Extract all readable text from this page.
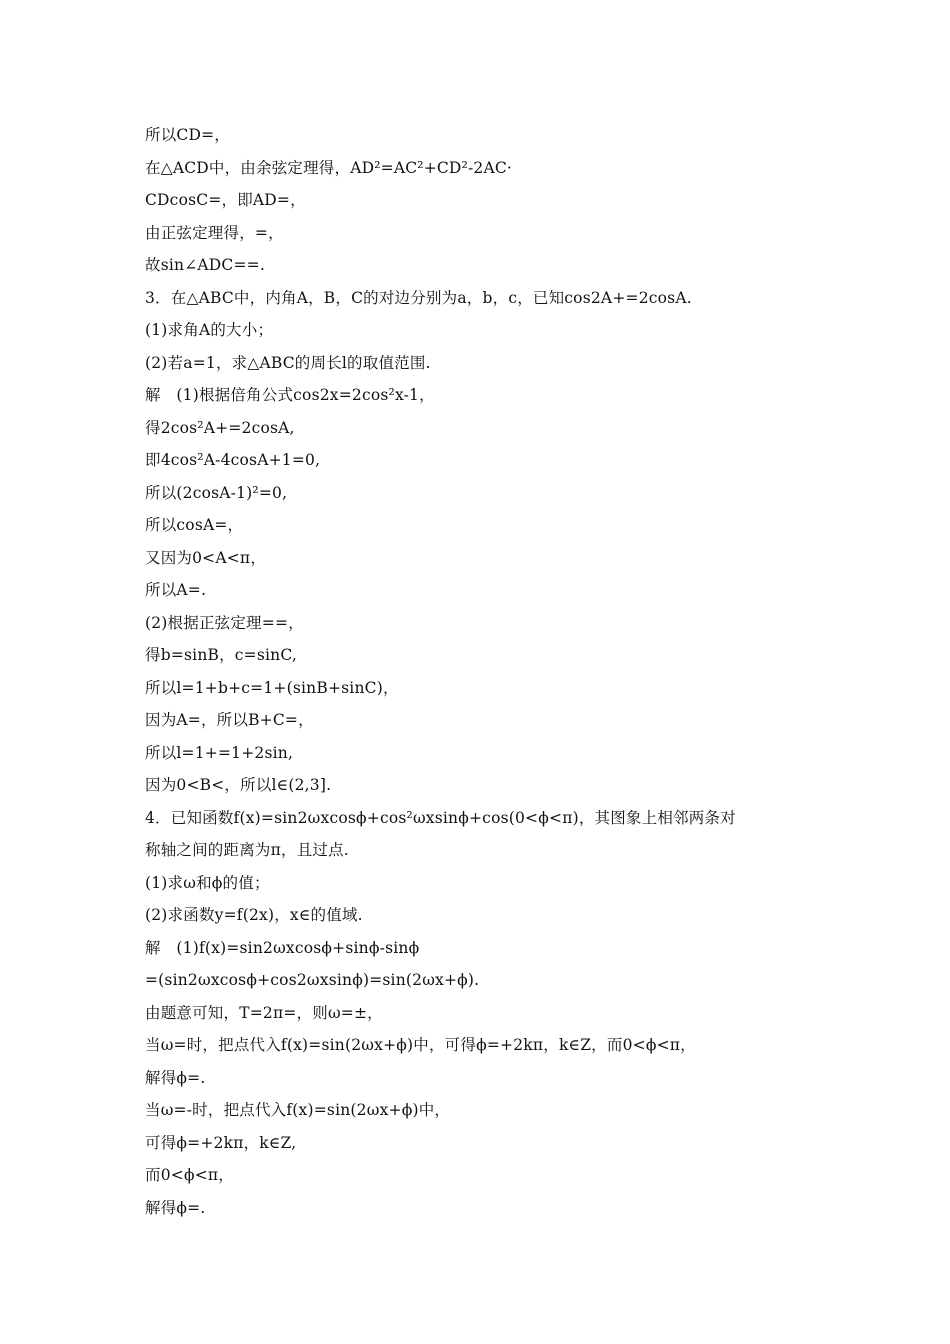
所以CD=，
在△ACD中，由余弦定理得，AD²=AC²+CD²-2AC·
CDcosC=，即AD=，
由正弦定理得，=，
故sin∠ADC==.
3．在△ABC中，内角A，B，C的对边分别为a，b，c，已知cos2A+=2cosA.
(1)求角A的大小；
(2)若a=1，求△ABC的周长l的取值范围.
解　(1)根据倍角公式cos2x=2cos²x-1，
得2cos²A+=2cosA,
即4cos²A-4cosA+1=0,
所以(2cosA-1)²=0,
所以cosA=，
又因为0<A<π，
所以A=.
(2)根据正弦定理==，
得b=sinB，c=sinC,
所以l=1+b+c=1+(sinB+sinC)，
因为A=，所以B+C=，
所以l=1+=1+2sin,
因为0<B<，所以l∈(2,3].
4．已知函数f(x)=sin2ωxcosϕ+cos²ωxsinϕ+cos(0<ϕ<π)，其图象上相邻两条对
称轴之间的距离为π，且过点.
(1)求ω和ϕ的值；
(2)求函数y=f(2x)，x∈的值域.
解　(1)f(x)=sin2ωxcosϕ+sinϕ-sinϕ
=(sin2ωxcosϕ+cos2ωxsinϕ)=sin(2ωx+ϕ).
由题意可知，T=2π=，则ω=±，
当ω=时，把点代入f(x)=sin(2ωx+ϕ)中，可得ϕ=+2kπ，k∈Z，而0<ϕ<π，
解得ϕ=.
当ω=-时，把点代入f(x)=sin(2ωx+ϕ)中，
可得ϕ=+2kπ，k∈Z,
而0<ϕ<π，
解得ϕ=.
